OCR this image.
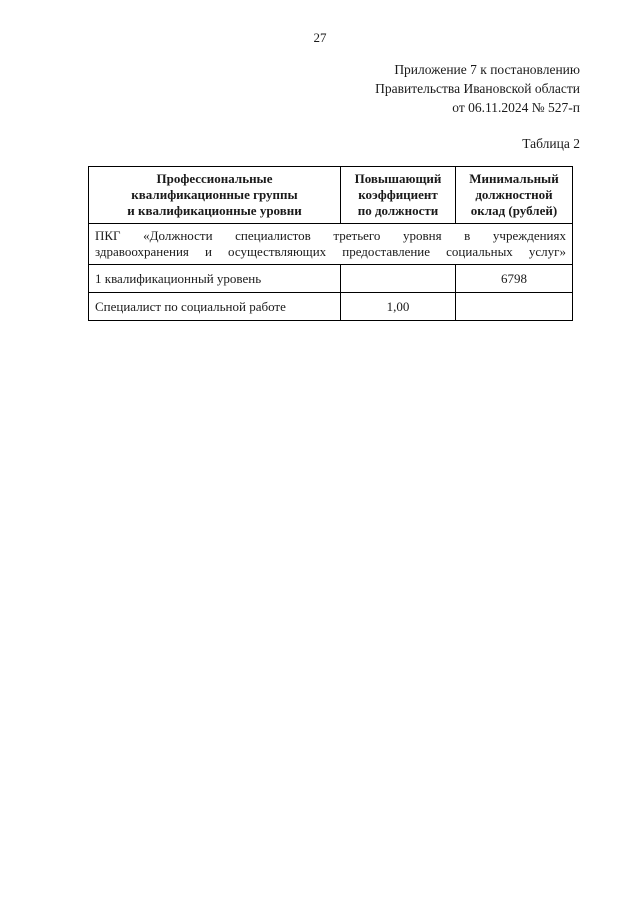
27
Приложение 7 к постановлению
Правительства Ивановской области
от 06.11.2024 № 527-п
Таблица 2
Профессиональные
квалификационные группы
и квалификационные уровни	Повышающий
коэффициент
по должности	Минимальный
должностной
оклад (рублей)

ПКГ «Должности специалистов третьего уровня в учреждениях
здравоохранения и осуществляющих предоставление социальных услуг»		

1 квалификационный уровень		6798
Специалист по социальной работе	1,00	
